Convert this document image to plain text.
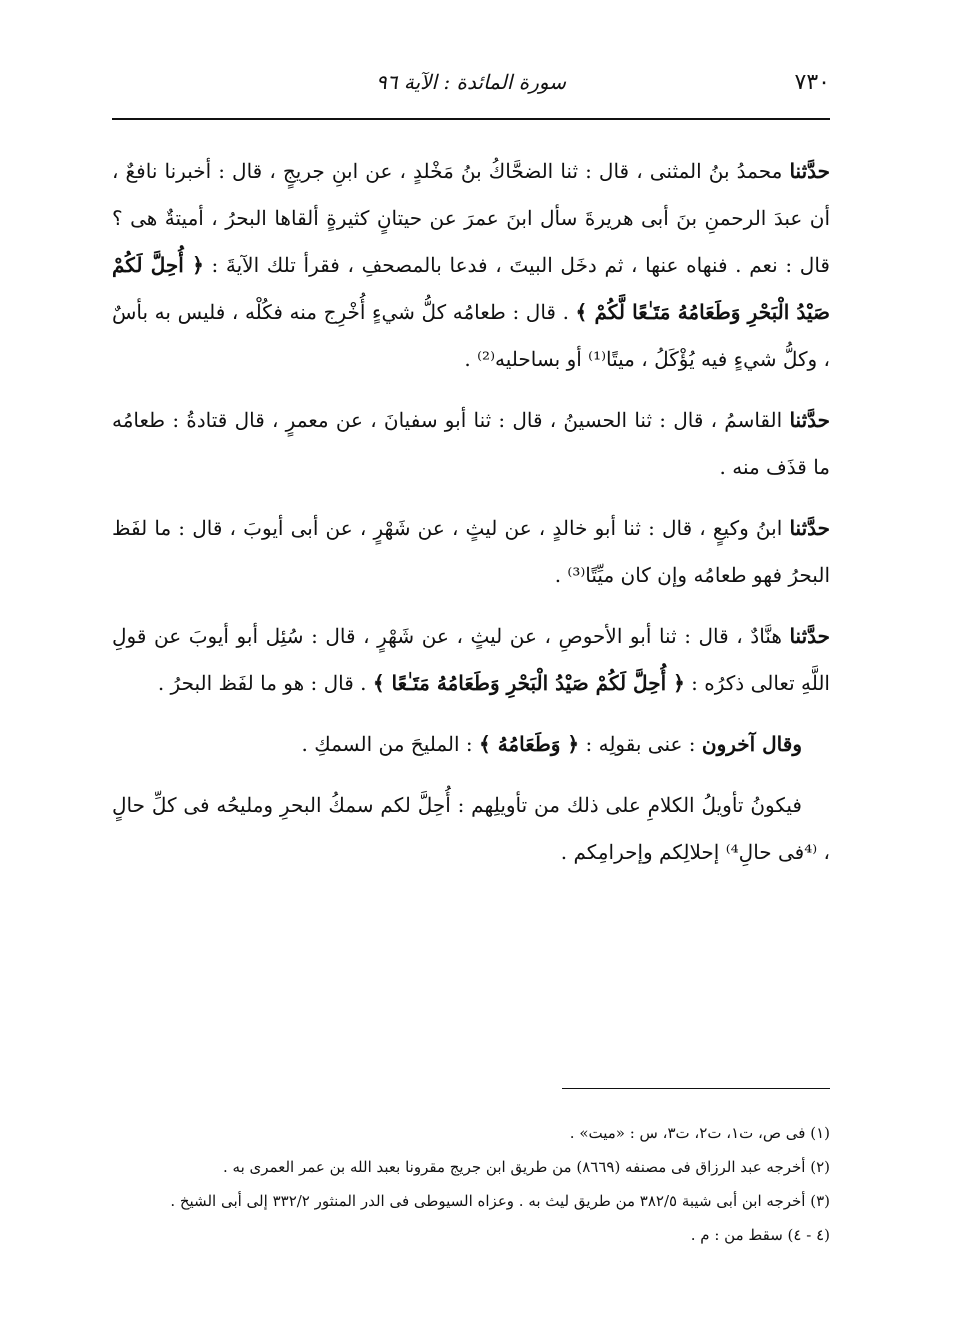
٧٣٠
سورة المائدة : الآية ٩٦

حدَّثنا محمدُ بنُ المثنى ، قال : ثنا الضحَّاكُ بنُ مَخْلدٍ ، عن ابنِ جريجٍ ، قال : أخبرنا نافعٌ ، أن عبدَ الرحمنِ بنَ أبى هريرةَ سأل ابنَ عمرَ عن حيتانٍ كثيرةٍ ألقاها البحرُ ، أميتةٌ هى ؟ قال : نعم . فنهاه عنها ، ثم دخَل البيتَ ، فدعا بالمصحفِ ، فقرأ تلك الآيةَ : ﴿ أُحِلَّ لَكُمْ صَيْدُ الْبَحْرِ وَطَعَامُهُ مَتَـٰعًا لَّكُمْ ﴾ . قال : طعامُه كلُّ شيءٍ أُخْرِج منه فكُلْه ، فليس به بأسٌ ، وكلُّ شيءٍ فيه يُؤْكَلُ ، ميتًا⁽¹⁾ أو بساحليه⁽²⁾ .

حدَّثنا القاسمُ ، قال : ثنا الحسينُ ، قال : ثنا أبو سفيانَ ، عن معمرٍ ، قال قتادةُ : طعامُه ما قذَف منه .

حدَّثنا ابنُ وكيعٍ ، قال : ثنا أبو خالدٍ ، عن ليثٍ ، عن شَهْرٍ ، عن أبى أيوبَ ، قال : ما لفَظ البحرُ فهو طعامُه وإن كان ميِّتًا⁽³⁾ .

حدَّثنا هنَّادٌ ، قال : ثنا أبو الأحوصِ ، عن ليثٍ ، عن شَهْرٍ ، قال : سُئِل أبو أيوبَ عن قولِ اللَّهِ تعالى ذكرُه : ﴿ أُحِلَّ لَكُمْ صَيْدُ الْبَحْرِ وَطَعَامُهُ مَتَـٰعًا ﴾ . قال : هو ما لفَظ البحرُ .

وقال آخرون : عنى بقولِه : ﴿ وَطَعَامُهُ ﴾ : المليحَ من السمكِ .

فيكونُ تأويلُ الكلامِ على ذلك من تأويلِهم : أُحِلَّ لكم سمكُ البحرِ ومليحُه فى كلِّ حالٍ ، ⁽⁴فى حالِ⁴⁾ إحلالِكم وإحرامِكم .

(١) فى ص، ت١، ت٢، ت٣، س : «ميت» .

(٢) أخرجه عبد الرزاق فى مصنفه (٨٦٦٩) من طريق ابن جريج مقرونا بعبد الله بن عمر العمرى به .

(٣) أخرجه ابن أبى شيبة ٣٨٢/٥ من طريق ليث به . وعزاه السيوطى فى الدر المنثور ٣٣٢/٢ إلى أبى الشيخ .

(٤ - ٤) سقط من : م .
